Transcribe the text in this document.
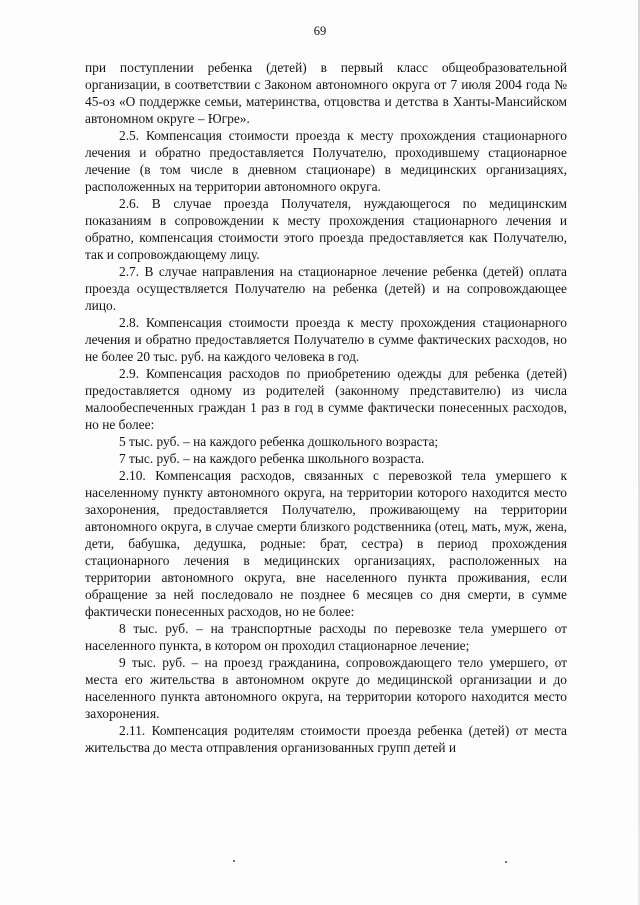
69

при поступлении ребенка (детей) в первый класс общеобразовательной организации, в соответствии с Законом автономного округа от 7 июля 2004 года № 45-оз «О поддержке семьи, материнства, отцовства и детства в Ханты-Мансийском автономном округе – Югре».

2.5. Компенсация стоимости проезда к месту прохождения стационарного лечения и обратно предоставляется Получателю, проходившему стационарное лечение (в том числе в дневном стационаре) в медицинских организациях, расположенных на территории автономного округа.

2.6. В случае проезда Получателя, нуждающегося по медицинским показаниям в сопровождении к месту прохождения стационарного лечения и обратно, компенсация стоимости этого проезда предоставляется как Получателю, так и сопровождающему лицу.

2.7. В случае направления на стационарное лечение ребенка (детей) оплата проезда осуществляется Получателю на ребенка (детей) и на сопровождающее лицо.

2.8. Компенсация стоимости проезда к месту прохождения стационарного лечения и обратно предоставляется Получателю в сумме фактических расходов, но не более 20 тыс. руб. на каждого человека в год.

2.9. Компенсация расходов по приобретению одежды для ребенка (детей) предоставляется одному из родителей (законному представителю) из числа малообеспеченных граждан 1 раз в год в сумме фактически понесенных расходов, но не более:

5 тыс. руб. – на каждого ребенка дошкольного возраста;

7 тыс. руб. – на каждого ребенка школьного возраста.

2.10. Компенсация расходов, связанных с перевозкой тела умершего к населенному пункту автономного округа, на территории которого находится место захоронения, предоставляется Получателю, проживающему на территории автономного округа, в случае смерти близкого родственника (отец, мать, муж, жена, дети, бабушка, дедушка, родные: брат, сестра) в период прохождения стационарного лечения в медицинских организациях, расположенных на территории автономного округа, вне населенного пункта проживания, если обращение за ней последовало не позднее 6 месяцев со дня смерти, в сумме фактически понесенных расходов, но не более:

8 тыс. руб. – на транспортные расходы по перевозке тела умершего от населенного пункта, в котором он проходил стационарное лечение;

9 тыс. руб. – на проезд гражданина, сопровождающего тело умершего, от места его жительства в автономном округе до медицинской организации и до населенного пункта автономного округа, на территории которого находится место захоронения.

2.11. Компенсация родителям стоимости проезда ребенка (детей) от места жительства до места отправления организованных групп детей и
